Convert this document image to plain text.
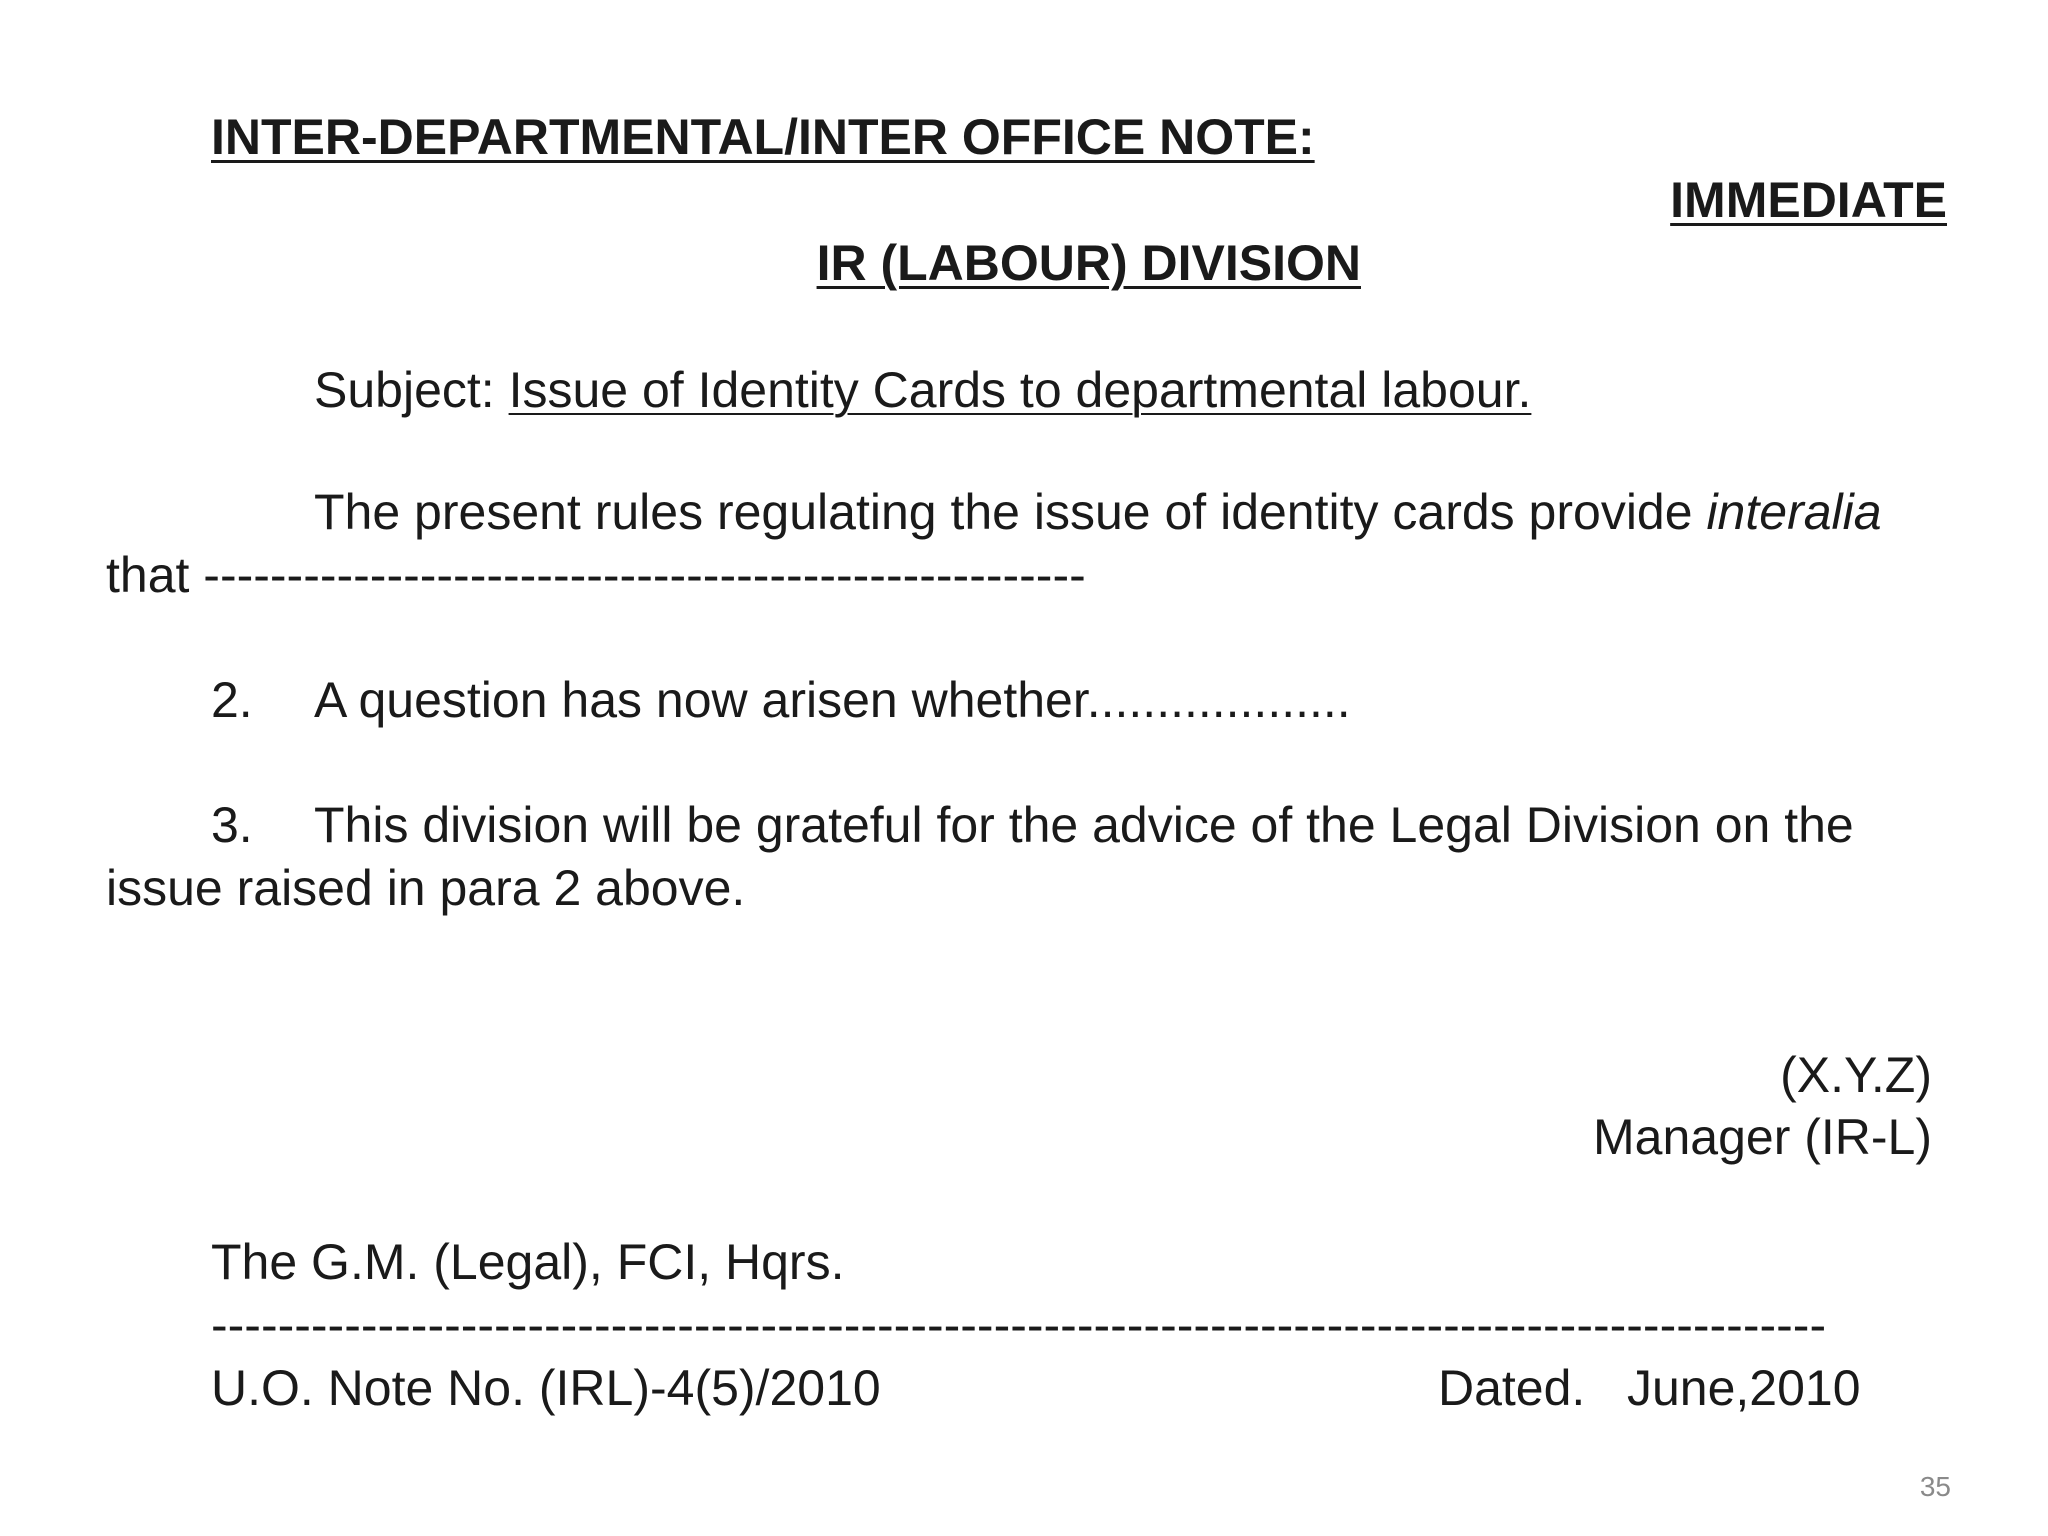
INTER-DEPARTMENTAL/INTER OFFICE NOTE:
IMMEDIATE
IR (LABOUR) DIVISION
Subject: Issue of Identity Cards to departmental labour.
The present rules regulating the issue of identity cards provide interalia
that -----------------------------------------------------
2. A question has now arisen whether...................
3. This division will be grateful for the advice of the Legal Division on the
issue raised in para 2 above.
(X.Y.Z)
Manager (IR-L)
The G.M. (Legal), FCI, Hqrs.
-------------------------------------------------------------------------------------------------
U.O. Note No. (IRL)-4(5)/2010	Dated.   June,2010
35
